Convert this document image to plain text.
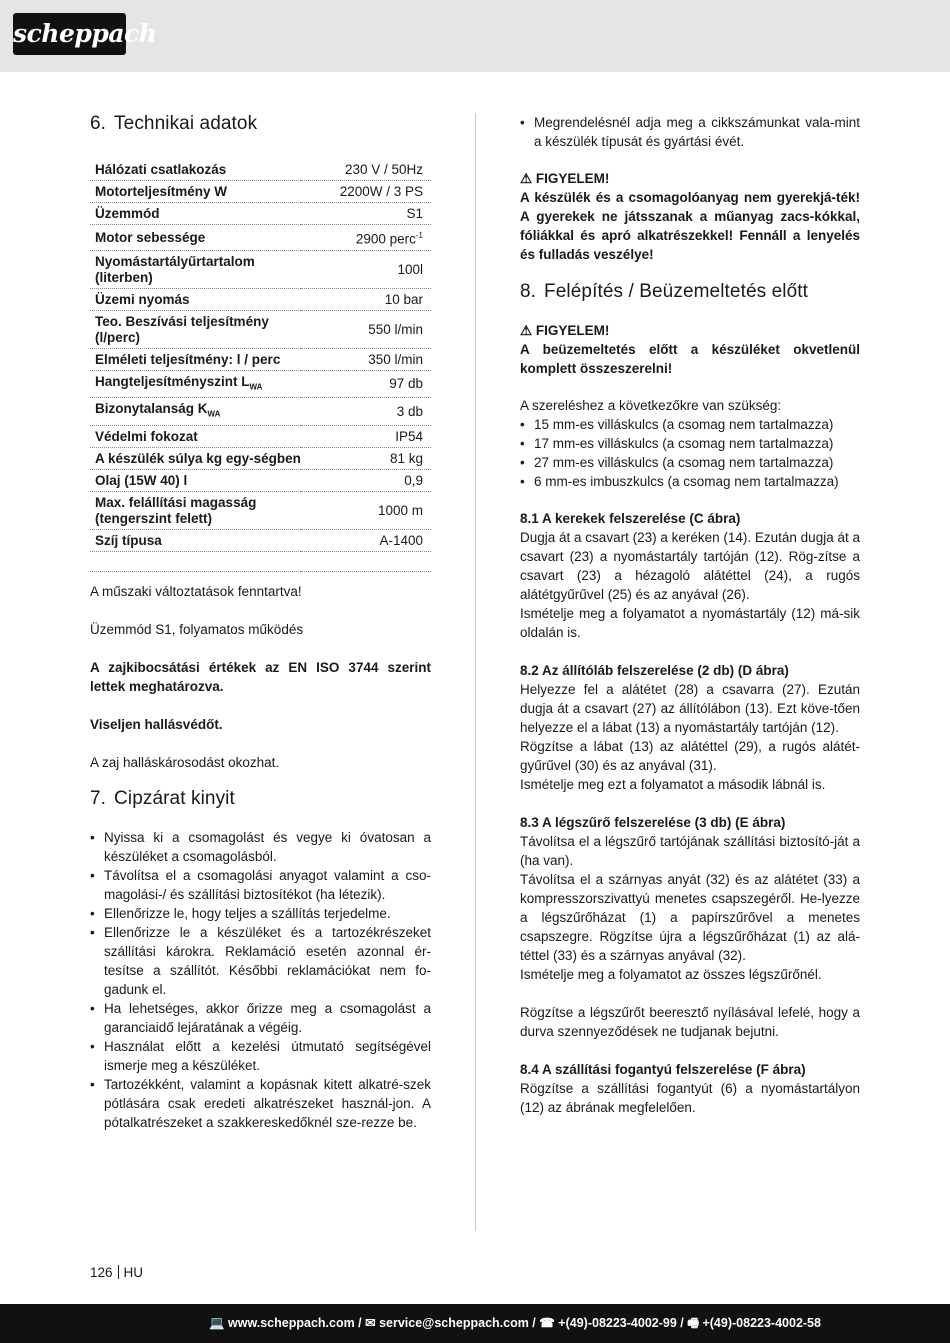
scheppach
6. Technikai adatok
Hálózati csatlakozás	230 V / 50Hz
Motorteljesítmény W	2200W / 3 PS
Üzemmód	S1
Motor sebessége	2900 perc$^{-1}$
Nyomástartályűrtartalom (literben)	100l
Üzemi nyomás	10 bar
Teo. Beszívási teljesítmény (l/perc)	550 l/min
Elméleti teljesítmény: l / perc	350 l/min
Hangteljesítményszint $L_{WA}$	97 db
Bizonytalanság $K_{WA}$	3 db
Védelmi fokozat	IP54
A készülék súlya kg egy-ségben	81 kg
Olaj (15W 40) l	0,9
Max. felállítási magasság (tengerszint felett)	1000 m
Szíj típusa	A-1400

A műszaki változtatások fenntartva!

Üzemmód S1, folyamatos működés

A zajkibocsátási értékek az EN ISO 3744 szerint lettek meghatározva.

Viseljen hallásvédőt.

A zaj halláskárosodást okozhat.

7. Cipzárat kinyit
• Nyissa ki a csomagolást és vegye ki óvatosan a készüléket a csomagolásból.
• Távolítsa el a csomagolási anyagot valamint a cso-magolási-/ és szállítási biztosítékot (ha létezik).
• Ellenőrizze le, hogy teljes a szállítás terjedelme.
• Ellenőrizze le a készüléket és a tartozékrészeket szállítási károkra. Reklamáció esetén azonnal ér-tesítse a szállítót. Későbbi reklamációkat nem fo-gadunk el.
• Ha lehetséges, akkor őrizze meg a csomagolást a garanciaidő lejáratának a végéig.
• Használat előtt a kezelési útmutató segítségével ismerje meg a készüléket.
• Tartozékként, valamint a kopásnak kitett alkatré-szek pótlására csak eredeti alkatrészeket használ-jon. A pótalkatrészeket a szakkereskedőknél sze-rezze be.
• Megrendelésnél adja meg a cikkszámunkat vala-mint a készülék típusát és gyártási évét.

⚠ FIGYELEM!

A készülék és a csomagolóanyag nem gyerekjá-ték! A gyerekek ne játsszanak a műanyag zacs-kókkal, fóliákkal és apró alkatrészekkel! Fennáll a lenyelés és fulladás veszélye!

8. Felépítés / Beüzemeltetés előtt

⚠ FIGYELEM!

A beüzemeltetés előtt a készüléket okvetlenül komplett összeszerelni!

A szereléshez a következőkre van szükség:

• 15 mm-es villáskulcs (a csomag nem tartalmazza)
• 17 mm-es villáskulcs (a csomag nem tartalmazza)
• 27 mm-es villáskulcs (a csomag nem tartalmazza)
• 6 mm-es imbuszkulcs (a csomag nem tartalmazza)

8.1 A kerekek felszerelése (C ábra)

Dugja át a csavart (23) a keréken (14). Ezután dugja át a csavart (23) a nyomástartály tartóján (12). Rög-zítse a csavart (23) a hézagoló alátéttel (24), a rugós alátétgyűrűvel (25) és az anyával (26).

Ismételje meg a folyamatot a nyomástartály (12) má-sik oldalán is.

8.2 Az állítóláb felszerelése (2 db) (D ábra)

Helyezze fel a alátétet (28) a csavarra (27). Ezután dugja át a csavart (27) az állítólábon (13). Ezt köve-tően helyezze el a lábat (13) a nyomástartály tartóján (12).

Rögzítse a lábat (13) az alátéttel (29), a rugós alátét-gyűrűvel (30) és az anyával (31).

Ismételje meg ezt a folyamatot a második lábnál is.

8.3 A légszűrő felszerelése (3 db) (E ábra)

Távolítsa el a légszűrő tartójának szállítási biztosító-ját a (ha van).

Távolítsa el a szárnyas anyát (32) és az alátétet (33) a kompresszorszivattyú menetes csapszegéről. He-lyezze a légszűrőházat (1) a papírszűrővel a menetes csapszegre. Rögzítse újra a légszűrőházat (1) az alá-téttel (33) és a szárnyas anyával (32).

Ismételje meg a folyamatot az összes légszűrőnél.

Rögzítse a légszűrőt beeresztő nyílásával lefelé, hogy a durva szennyeződések ne tudjanak bejutni.

8.4 A szállítási fogantyú felszerelése (F ábra)

Rögzítse a szállítási fogantyút (6) a nyomástartályon (12) az ábrának megfelelően.

126 HU
💻 www.scheppach.com / ✉ service@scheppach.com / ☎ +(49)-08223-4002-99 / 🖷 +(49)-08223-4002-58
